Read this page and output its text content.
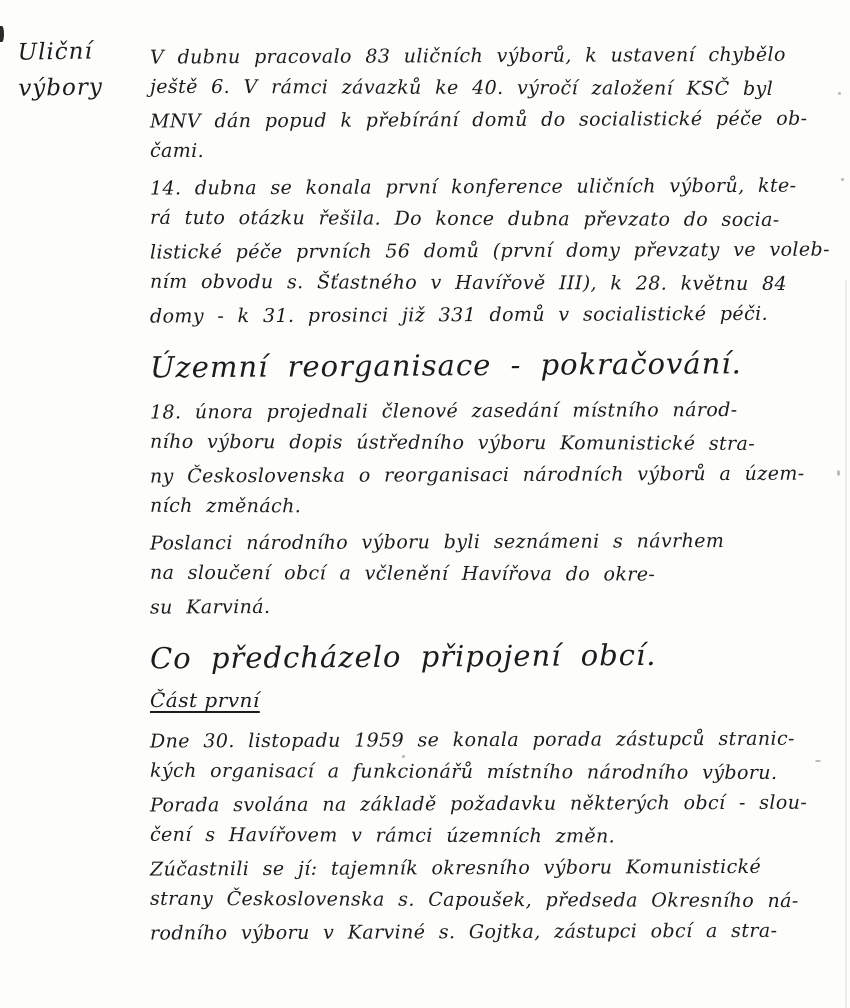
Uliční
výbory
V dubnu pracovalo 83 uličních výborů, k ustavení chybělo
ještě 6. V rámci závazků ke 40. výročí založení KSČ byl
MNV dán popud k přebírání domů do socialistické péče ob-
čami.
14. dubna se konala první konference uličních výborů, kte-
rá tuto otázku řešila. Do konce dubna převzato do socia-
listické péče prvních 56 domů (první domy převzaty ve voleb-
ním obvodu s. Šťastného v Havířově III), k 28. květnu 84
domy - k 31. prosinci již 331 domů v socialistické péči.
Územní reorganisace - pokračování.
18. února projednali členové zasedání místního národ-
ního výboru dopis ústředního výboru Komunistické stra-
ny Československa o reorganisaci národních výborů a územ-
ních změnách.
Poslanci národního výboru byli seznámeni s návrhem
na sloučení obcí a včlenění Havířova do okre-
su Karviná.
Co předcházelo připojení obcí.
Část první
Dne 30. listopadu 1959 se konala porada zástupců stranic-
kých organisací a funkcionářů místního národního výboru.
Porada svolána na základě požadavku některých obcí - slou-
čení s Havířovem v rámci územních změn.
Zúčastnili se jí: tajemník okresního výboru Komunistické
strany Československa s. Capoušek, předseda Okresního ná-
rodního výboru v Karviné s. Gojtka, zástupci obcí a stra-
